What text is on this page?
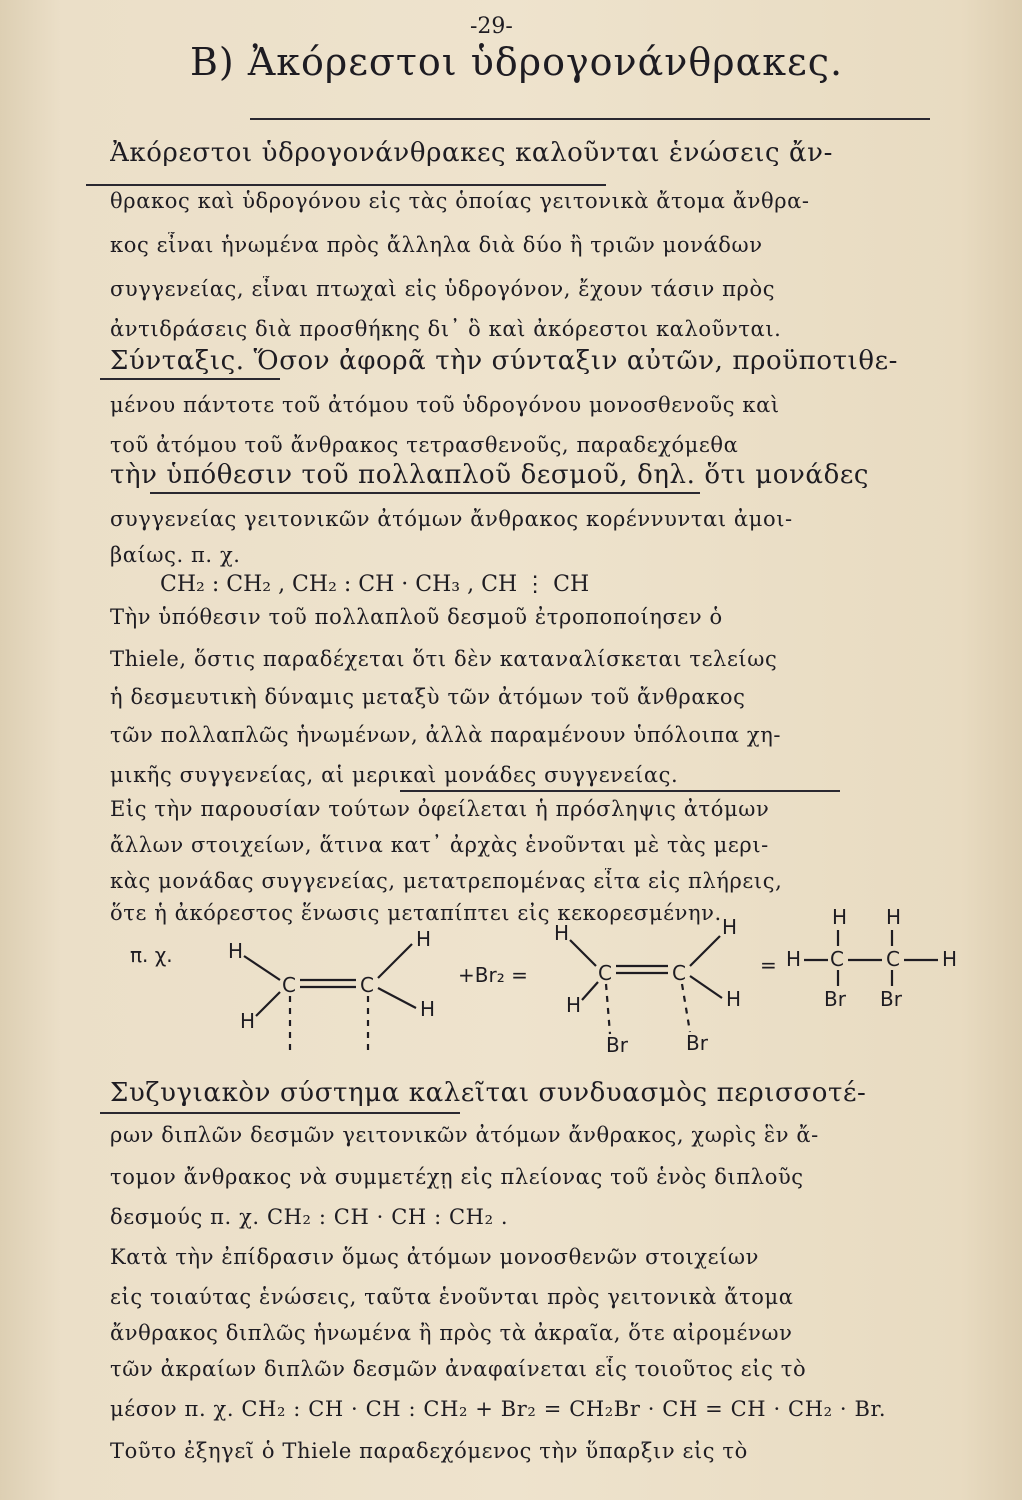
-29-
Β) Ἀκόρεστοι ὑδρογονάνθρακες.
Ἀκόρεστοι ὑδρογονάνθρακες καλοῦνται ἑνώσεις ἄν-
θρακος καὶ ὑδρογόνου εἰς τὰς ὁποίας γειτονικὰ ἄτομα ἄνθρα-
κος εἶναι ἡνωμένα πρὸς ἄλληλα διὰ δύο ἢ τριῶν μονάδων
συγγενείας, εἶναι πτωχαὶ εἰς ὑδρογόνον, ἔχουν τάσιν πρὸς
ἀντιδράσεις διὰ προσθήκης δι᾿ ὃ καὶ ἀκόρεστοι καλοῦνται.
Σύνταξις. Ὅσον ἀφορᾶ τὴν σύνταξιν αὐτῶν, προϋποτιθε-
μένου πάντοτε τοῦ ἀτόμου τοῦ ὑδρογόνου μονοσθενοῦς καὶ
τοῦ ἀτόμου τοῦ ἄνθρακος τετρασθενοῦς, παραδεχόμεθα
τὴν ὑπόθεσιν τοῦ πολλαπλοῦ δεσμοῦ, δηλ. ὅτι μονάδες
συγγενείας γειτονικῶν ἀτόμων ἄνθρακος κορέννυνται ἀμοι-
βαίως. π. χ.
CH₂ : CH₂ , CH₂ : CH · CH₃ , CH ⋮ CH
Τὴν ὑπόθεσιν τοῦ πολλαπλοῦ δεσμοῦ ἐτροποποίησεν ὁ
Thiele, ὅστις παραδέχεται ὅτι δὲν καταναλίσκεται τελείως
ἡ δεσμευτικὴ δύναμις μεταξὺ τῶν ἀτόμων τοῦ ἄνθρακος
τῶν πολλαπλῶς ἡνωμένων, ἀλλὰ παραμένουν ὑπόλοιπα χη-
μικῆς συγγενείας, αἱ μερικαὶ μονάδες συγγενείας.
Εἰς τὴν παρουσίαν τούτων ὀφείλεται ἡ πρόσληψις ἀτόμων
ἄλλων στοιχείων, ἅτινα κατ᾿ ἀρχὰς ἑνοῦνται μὲ τὰς μερι-
κὰς μονάδας συγγενείας, μετατρεπομένας εἶτα εἰς πλήρεις,
ὅτε ἡ ἀκόρεστος ἕνωσις μεταπίπτει εἰς κεκορεσμένην.
π. χ.	H
H
C	C
H
H
+Br₂ =
H
H
C	C
H
H
Br	Br
= H C C H
H H
Br Br
Συζυγιακὸν σύστημα καλεῖται συνδυασμὸς περισσοτέ-
ρων διπλῶν δεσμῶν γειτονικῶν ἀτόμων ἄνθρακος, χωρὶς ἓν ἄ-
τομον ἄνθρακος νὰ συμμετέχῃ εἰς πλείονας τοῦ ἑνὸς διπλοῦς
δεσμούς π. χ. CH₂ : CH · CH : CH₂ .
Κατὰ τὴν ἐπίδρασιν ὅμως ἀτόμων μονοσθενῶν στοιχείων
εἰς τοιαύτας ἑνώσεις, ταῦτα ἑνοῦνται πρὸς γειτονικὰ ἄτομα
ἄνθρακος διπλῶς ἡνωμένα ἢ πρὸς τὰ ἀκραῖα, ὅτε αἰρομένων
τῶν ἀκραίων διπλῶν δεσμῶν ἀναφαίνεται εἷς τοιοῦτος εἰς τὸ
μέσον π. χ. CH₂ : CH · CH : CH₂ + Br₂ = CH₂Br · CH = CH · CH₂ · Br.
Τοῦτο ἐξηγεῖ ὁ Thiele παραδεχόμενος τὴν ὕπαρξιν εἰς τὸ
